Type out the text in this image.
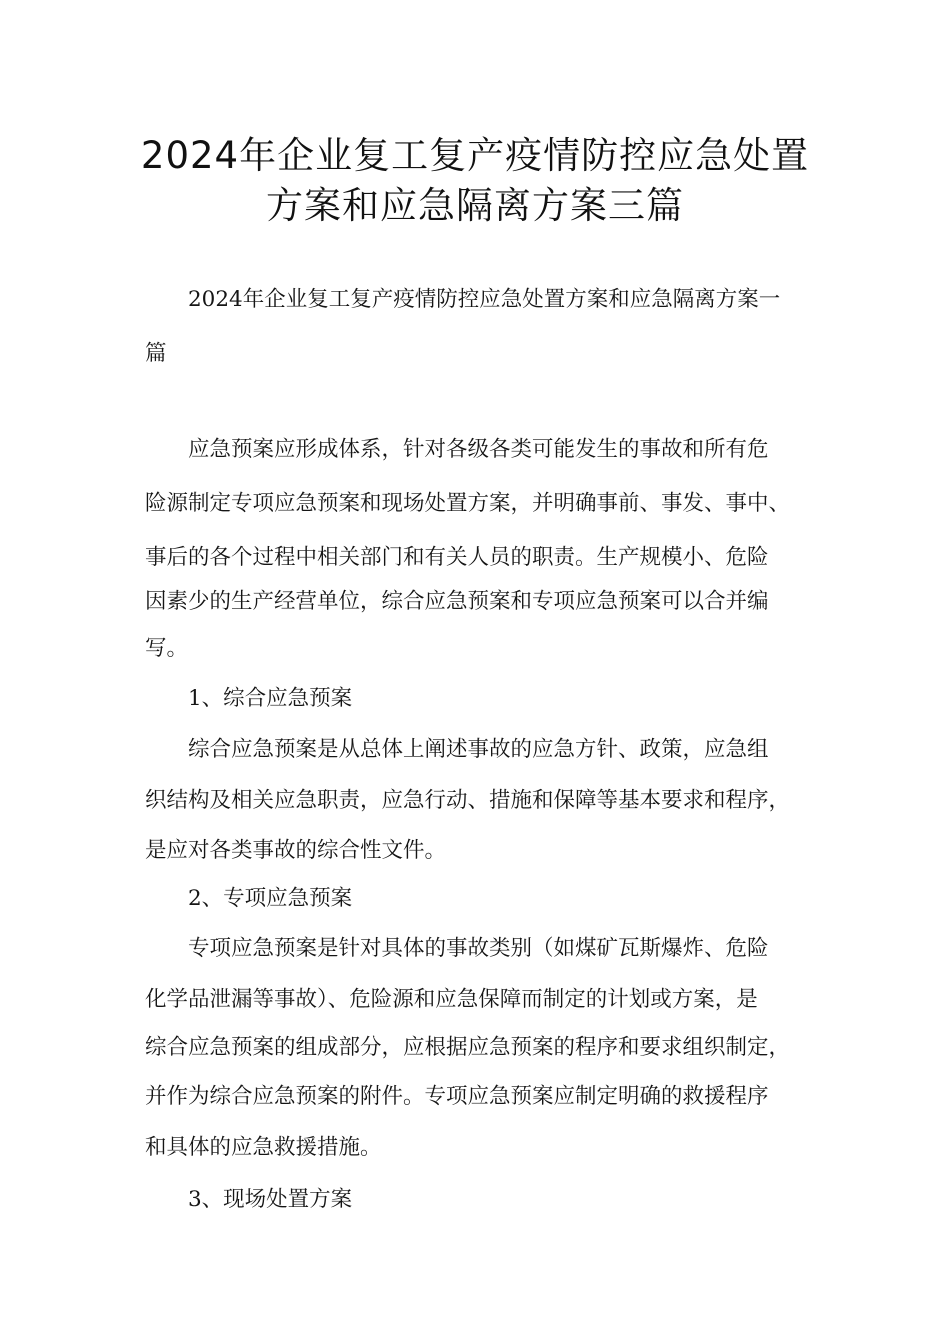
2024年企业复工复产疫情防控应急处置
方案和应急隔离方案三篇
2024年企业复工复产疫情防控应急处置方案和应急隔离方案一
篇
应急预案应形成体系，针对各级各类可能发生的事故和所有危
险源制定专项应急预案和现场处置方案，并明确事前、事发、事中、
事后的各个过程中相关部门和有关人员的职责。生产规模小、危险
因素少的生产经营单位，综合应急预案和专项应急预案可以合并编
写。
1、综合应急预案
综合应急预案是从总体上阐述事故的应急方针、政策，应急组
织结构及相关应急职责，应急行动、措施和保障等基本要求和程序，
是应对各类事故的综合性文件。
2、专项应急预案
专项应急预案是针对具体的事故类别（如煤矿瓦斯爆炸、危险
化学品泄漏等事故）、危险源和应急保障而制定的计划或方案，是
综合应急预案的组成部分，应根据应急预案的程序和要求组织制定，
并作为综合应急预案的附件。专项应急预案应制定明确的救援程序
和具体的应急救援措施。
3、现场处置方案
